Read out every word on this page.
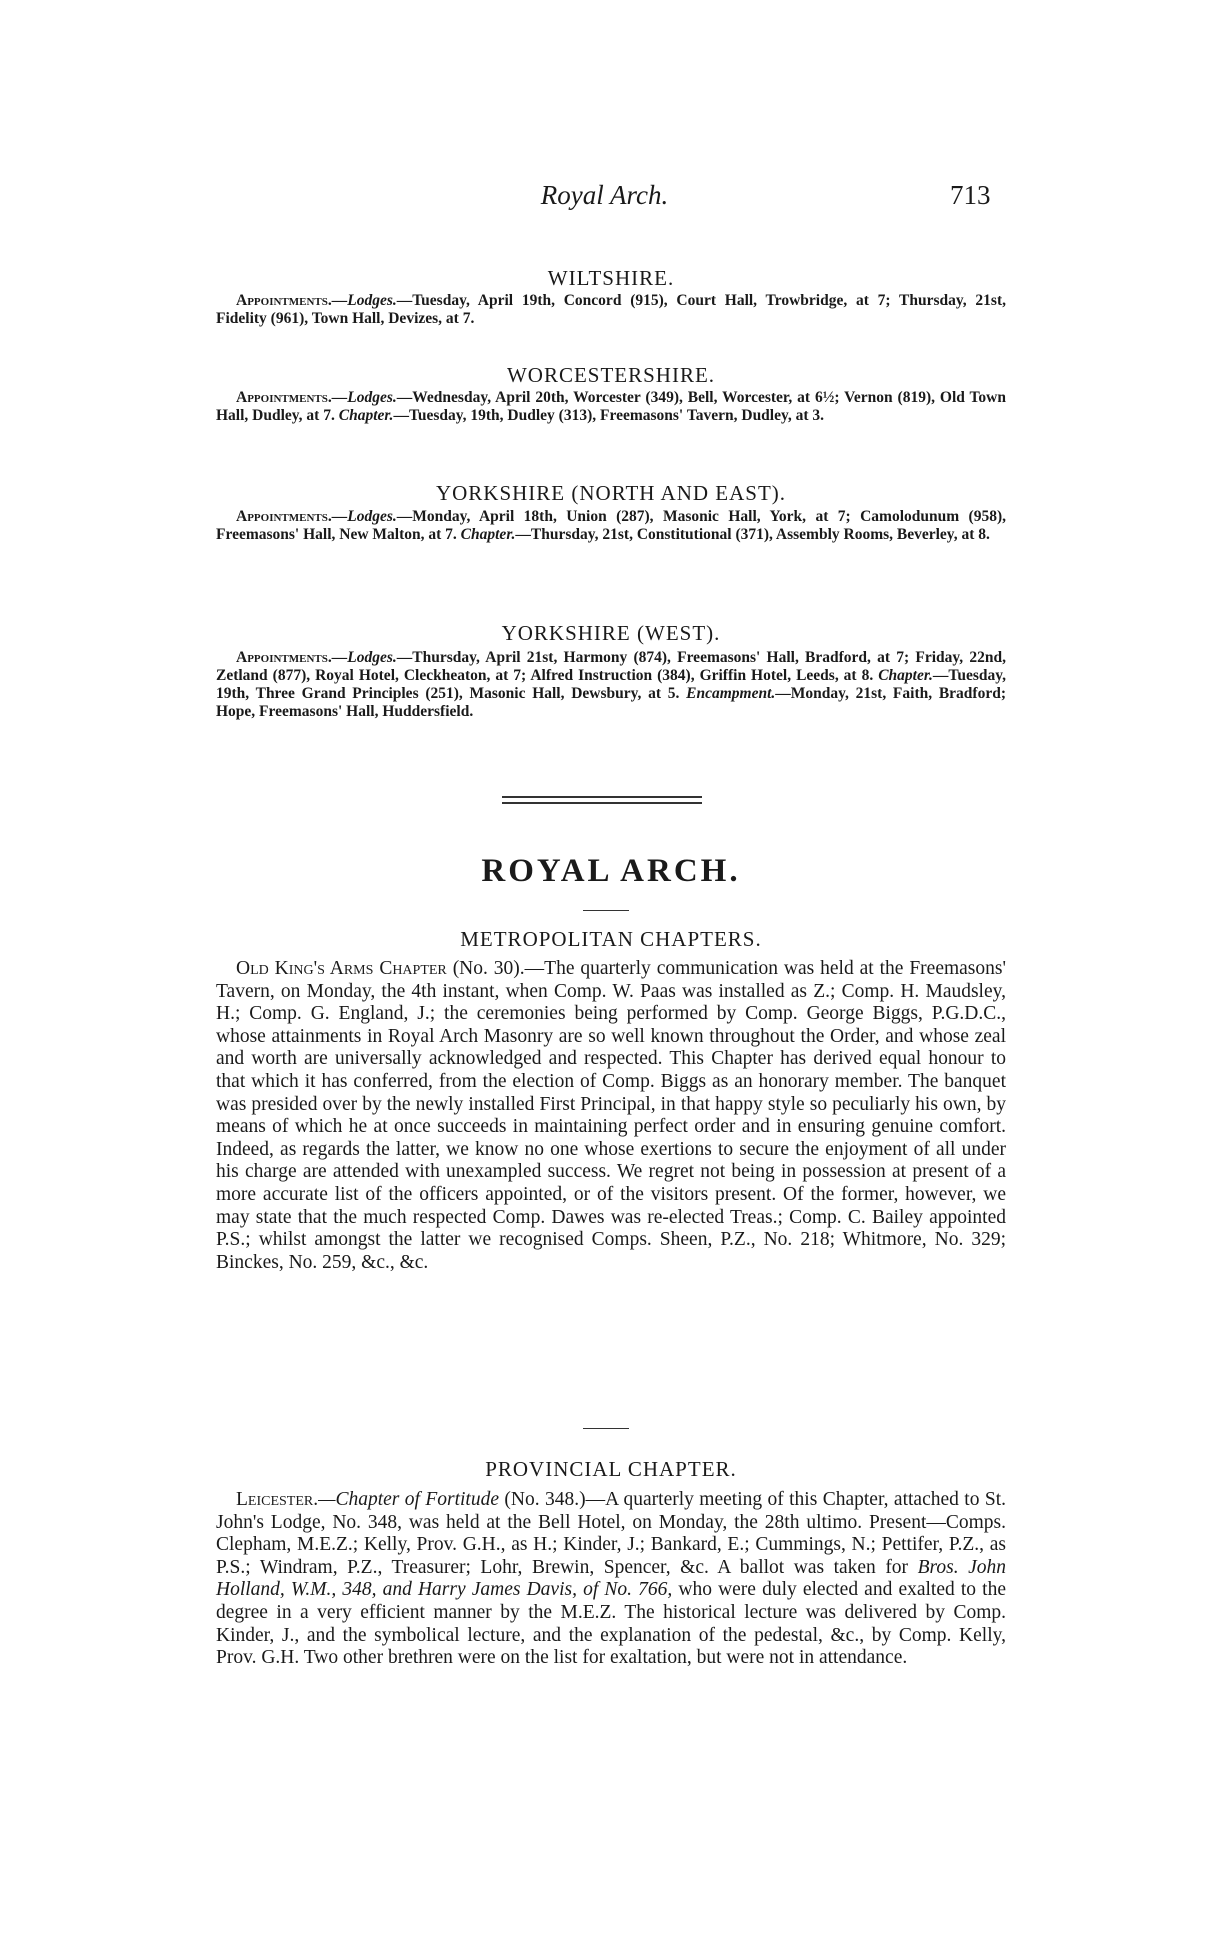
Royal Arch.	713
WILTSHIRE.

Appointments.—Lodges.—Tuesday, April 19th, Concord (915), Court Hall, Trowbridge, at 7; Thursday, 21st, Fidelity (961), Town Hall, Devizes, at 7.

WORCESTERSHIRE.

Appointments.—Lodges.—Wednesday, April 20th, Worcester (349), Bell, Worcester, at 6½; Vernon (819), Old Town Hall, Dudley, at 7. Chapter.—Tuesday, 19th, Dudley (313), Freemasons' Tavern, Dudley, at 3.

YORKSHIRE (NORTH AND EAST).

Appointments.—Lodges.—Monday, April 18th, Union (287), Masonic Hall, York, at 7; Camolodunum (958), Freemasons' Hall, New Malton, at 7. Chapter.—Thursday, 21st, Constitutional (371), Assembly Rooms, Beverley, at 8.

YORKSHIRE (WEST).

Appointments.—Lodges.—Thursday, April 21st, Harmony (874), Freemasons' Hall, Bradford, at 7; Friday, 22nd, Zetland (877), Royal Hotel, Cleckheaton, at 7; Alfred Instruction (384), Griffin Hotel, Leeds, at 8. Chapter.—Tuesday, 19th, Three Grand Principles (251), Masonic Hall, Dewsbury, at 5. Encampment.—Monday, 21st, Faith, Bradford; Hope, Freemasons' Hall, Huddersfield.

ROYAL ARCH.
METROPOLITAN CHAPTERS.

Old King's Arms Chapter (No. 30).—The quarterly communication was held at the Freemasons' Tavern, on Monday, the 4th instant, when Comp. W. Paas was installed as Z.; Comp. H. Maudsley, H.; Comp. G. England, J.; the ceremonies being performed by Comp. George Biggs, P.G.D.C., whose attainments in Royal Arch Masonry are so well known throughout the Order, and whose zeal and worth are universally acknowledged and respected. This Chapter has derived equal honour to that which it has conferred, from the election of Comp. Biggs as an honorary member. The banquet was presided over by the newly installed First Principal, in that happy style so peculiarly his own, by means of which he at once succeeds in maintaining perfect order and in ensuring genuine comfort. Indeed, as regards the latter, we know no one whose exertions to secure the enjoyment of all under his charge are attended with unexampled success. We regret not being in possession at present of a more accurate list of the officers appointed, or of the visitors present. Of the former, however, we may state that the much respected Comp. Dawes was re-elected Treas.; Comp. C. Bailey appointed P.S.; whilst amongst the latter we recognised Comps. Sheen, P.Z., No. 218; Whitmore, No. 329; Binckes, No. 259, &c., &c.

PROVINCIAL CHAPTER.

Leicester.—Chapter of Fortitude (No. 348.)—A quarterly meeting of this Chapter, attached to St. John's Lodge, No. 348, was held at the Bell Hotel, on Monday, the 28th ultimo. Present—Comps. Clepham, M.E.Z.; Kelly, Prov. G.H., as H.; Kinder, J.; Bankard, E.; Cummings, N.; Pettifer, P.Z., as P.S.; Windram, P.Z., Treasurer; Lohr, Brewin, Spencer, &c. A ballot was taken for Bros. John Holland, W.M., 348, and Harry James Davis, of No. 766, who were duly elected and exalted to the degree in a very efficient manner by the M.E.Z. The historical lecture was delivered by Comp. Kinder, J., and the symbolical lecture, and the explanation of the pedestal, &c., by Comp. Kelly, Prov. G.H. Two other brethren were on the list for exaltation, but were not in attendance.
